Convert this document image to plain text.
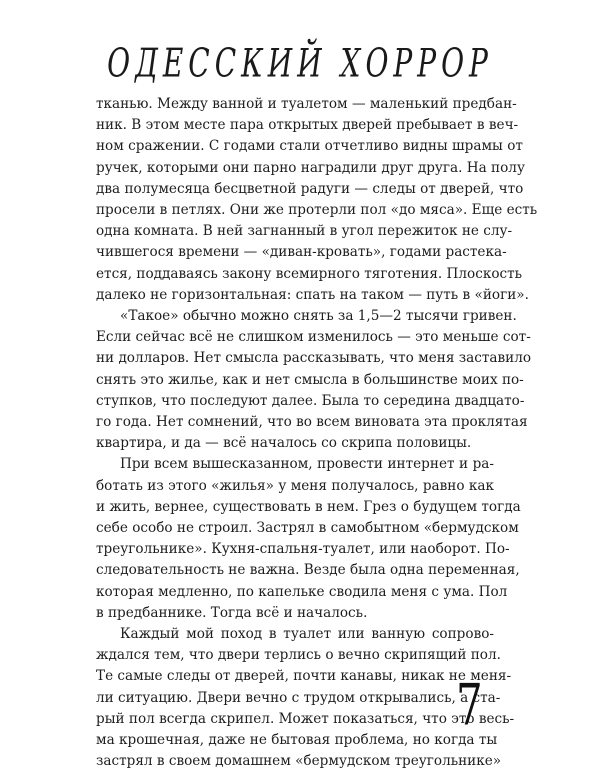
ОДЕССКИЙ ХОРРОР
тканью. Между ванной и туалетом — маленький предбан-
ник. В этом месте пара открытых дверей пребывает в веч-
ном сражении. С годами стали отчетливо видны шрамы от
ручек, которыми они парно наградили друг друга. На полу
два полумесяца бесцветной радуги — следы от дверей, что
просели в петлях. Они же протерли пол «до мяса». Еще есть
одна комната. В ней загнанный в угол пережиток не слу-
чившегося времени — «диван-кровать», годами растека-
ется, поддаваясь закону всемирного тяготения. Плоскость
далеко не горизонтальная: спать на таком — путь в «йоги».
«Такое» обычно можно снять за 1,5—2 тысячи гривен.
Если сейчас всё не слишком изменилось — это меньше сот-
ни долларов. Нет смысла рассказывать, что меня заставило
снять это жилье, как и нет смысла в большинстве моих по-
ступков, что последуют далее. Была то середина двадцато-
го года. Нет сомнений, что во всем виновата эта проклятая
квартира, и да — всё началось со скрипа половицы.
При всем вышесказанном, провести интернет и ра-
ботать из этого «жилья» у меня получалось, равно как
и жить, вернее, существовать в нем. Грез о будущем тогда
себе особо не строил. Застрял в самобытном «бермудском
треугольнике». Кухня-спальня-туалет, или наоборот. По-
следовательность не важна. Везде была одна переменная,
которая медленно, по капельке сводила меня с ума. Пол
в предбаннике. Тогда всё и началось.
Каждый мой поход в туалет или ванную сопрово-
ждался тем, что двери терлись о вечно скрипящий пол.
Те самые следы от дверей, почти канавы, никак не меня-
ли ситуацию. Двери вечно с трудом открывались, а ста-
рый пол всегда скрипел. Может показаться, что это весь-
ма крошечная, даже не бытовая проблема, но когда ты
застрял в своем домашнем «бермудском треугольнике»
7
